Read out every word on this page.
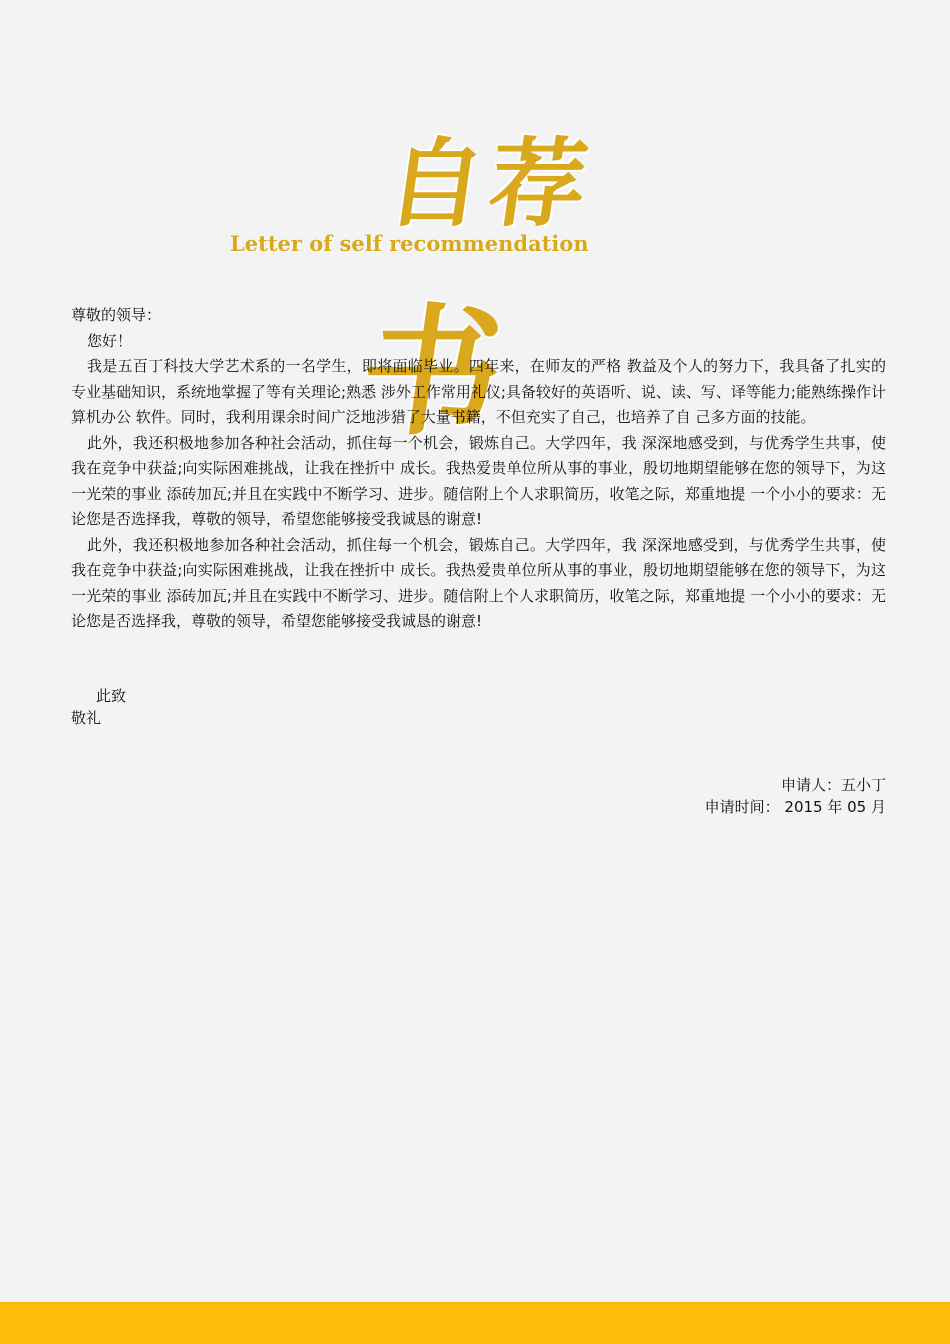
自荐书
Letter of self recommendation

尊敬的领导：

您好！

我是五百丁科技大学艺术系的一名学生，即将面临毕业。四年来，在师友的严格 教益及个人的努力下，我具备了扎实的专业基础知识，系统地掌握了等有关理论;熟悉 涉外工作常用礼仪;具备较好的英语听、说、读、写、译等能力;能熟练操作计算机办公 软件。同时，我利用课余时间广泛地涉猎了大量书籍，不但充实了自己，也培养了自 己多方面的技能。

此外，我还积极地参加各种社会活动，抓住每一个机会，锻炼自己。大学四年，我 深深地感受到，与优秀学生共事，使我在竞争中获益;向实际困难挑战，让我在挫折中 成长。我热爱贵单位所从事的事业，殷切地期望能够在您的领导下，为这一光荣的事业 添砖加瓦;并且在实践中不断学习、进步。随信附上个人求职简历，收笔之际，郑重地提 一个小小的要求：无论您是否选择我，尊敬的领导，希望您能够接受我诚恳的谢意!

此外，我还积极地参加各种社会活动，抓住每一个机会，锻炼自己。大学四年，我 深深地感受到，与优秀学生共事，使我在竞争中获益;向实际困难挑战，让我在挫折中 成长。我热爱贵单位所从事的事业，殷切地期望能够在您的领导下，为这一光荣的事业 添砖加瓦;并且在实践中不断学习、进步。随信附上个人求职简历，收笔之际，郑重地提 一个小小的要求：无论您是否选择我，尊敬的领导，希望您能够接受我诚恳的谢意!

此致
敬礼
申请人：五小丁
申请时间： 2015 年 05 月
